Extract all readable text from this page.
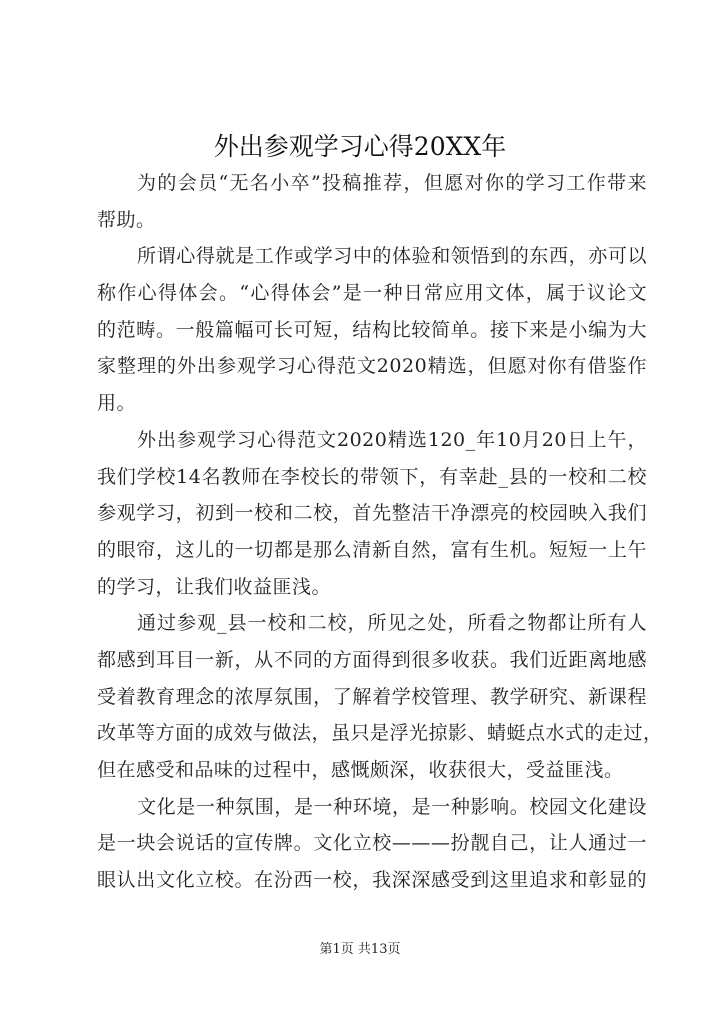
外出参观学习心得20XX年
为的会员“无名小卒”投稿推荐，但愿对你的学习工作带来
帮助。
所谓心得就是工作或学习中的体验和领悟到的东西，亦可以
称作心得体会。“心得体会”是一种日常应用文体，属于议论文
的范畴。一般篇幅可长可短，结构比较简单。接下来是小编为大
家整理的外出参观学习心得范文2020精选，但愿对你有借鉴作
用。
外出参观学习心得范文2020精选120_年10月20日上午，
我们学校14名教师在李校长的带领下，有幸赴_县的一校和二校
参观学习，初到一校和二校，首先整洁干净漂亮的校园映入我们
的眼帘，这儿的一切都是那么清新自然，富有生机。短短一上午
的学习，让我们收益匪浅。
通过参观_县一校和二校，所见之处，所看之物都让所有人
都感到耳目一新，从不同的方面得到很多收获。我们近距离地感
受着教育理念的浓厚氛围，了解着学校管理、教学研究、新课程
改革等方面的成效与做法，虽只是浮光掠影、蜻蜓点水式的走过，
但在感受和品味的过程中，感慨颇深，收获很大，受益匪浅。
文化是一种氛围，是一种环境，是一种影响。校园文化建设
是一块会说话的宣传牌。文化立校———扮靓自己，让人通过一
眼认出文化立校。在汾西一校，我深深感受到这里追求和彰显的
第1页 共13页
